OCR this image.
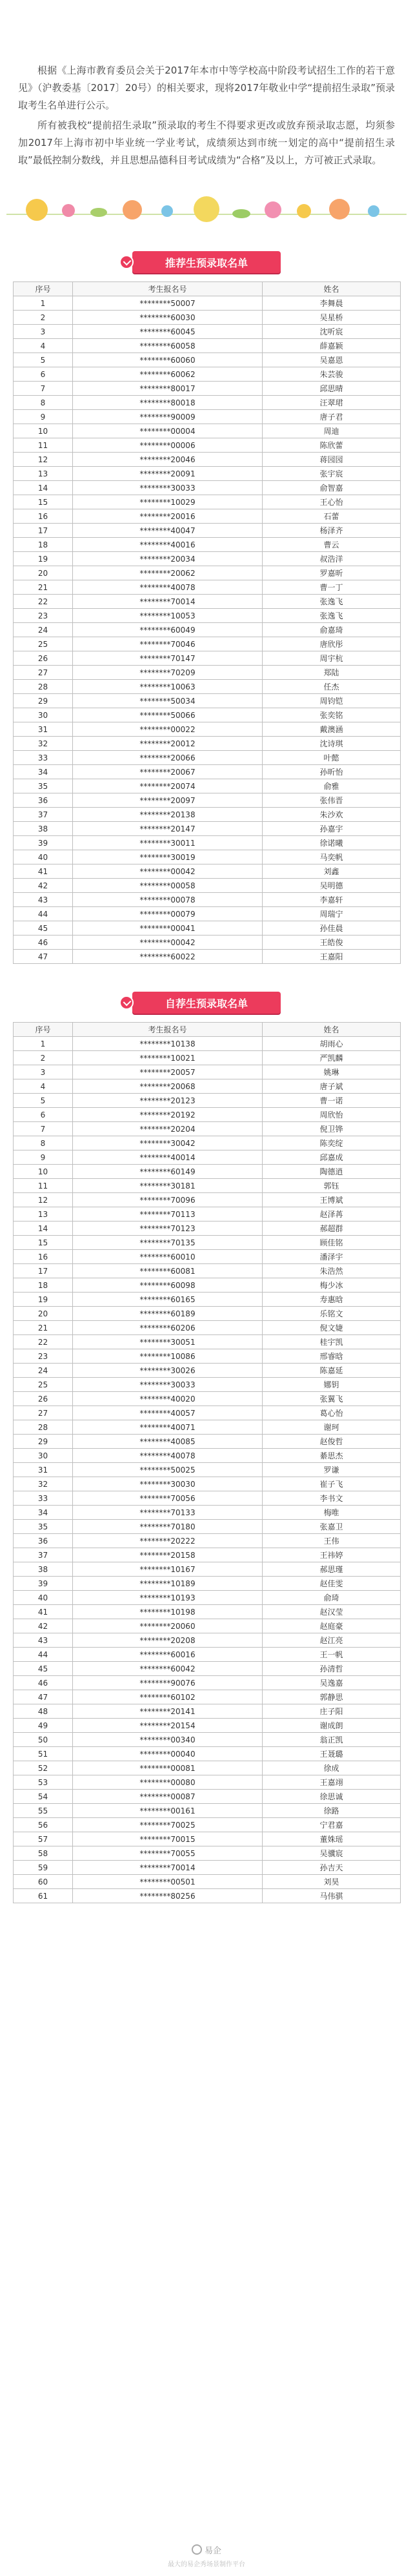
根据《上海市教育委员会关于2017年本市中等学校高中阶段考试招生工作的若干意见》（沪教委基〔2017〕20号）的相关要求，现将2017年敬业中学“提前招生录取”预录取考生名单进行公示。

所有被我校“提前招生录取”预录取的考生不得要求更改或放弃预录取志愿，均须参加2017年上海市初中毕业统一学业考试，成绩须达到市统一划定的高中“提前招生录取”最低控制分数线，并且思想品德科目考试成绩为“合格”及以上，方可被正式录取。

推荐生预录取名单
序号	考生报名号	姓名
1	********50007	李舞晨
2	********60030	吴星桥
3	********60045	沈听宸
4	********60058	薛嘉颖
5	********60060	吴嘉恩
6	********60062	朱芸骏
7	********80017	邱思晴
8	********80018	汪翠珺
9	********90009	唐子君
10	********00004	周迪
11	********00006	陈欣蕾
12	********20046	蒋园园
13	********20091	张宇宸
14	********30033	俞智嘉
15	********10029	王心怡
16	********20016	石蕾
17	********40047	杨泽齐
18	********40016	曹云
19	********20034	叔浩洋
20	********20062	罗嘉昕
21	********40078	曹一丁
22	********70014	张逸飞
23	********10053	张逸飞
24	********60049	俞嘉琦
25	********70046	唐欣彤
26	********70147	周宇杭
27	********70209	郑陆
28	********10063	任杰
29	********50034	周钧铠
30	********50066	张奕铭
31	********00022	戴澳涵
32	********20012	沈诗琪
33	********20066	叶懿
34	********20067	孙昕怡
35	********20074	俞雅
36	********20097	张伟晋
37	********20138	朱沙欢
38	********20147	孙嘉宇
39	********30011	徐诺曦
40	********30019	马奕帆
41	********00042	刘鑫
42	********00058	吴明德
43	********00078	李嘉轩
44	********00079	周瑞宁
45	********00041	孙佳晨
46	********00042	王皓俊
47	********60022	王嘉阳
自荐生预录取名单
序号	考生报名号	姓名
1	********10138	胡雨心
2	********10021	严凯麟
3	********20057	姚琳
4	********20068	唐子斌
5	********20123	曹一诺
6	********20192	周欣怡
7	********20204	倪卫铧
8	********30042	陈奕绽
9	********40014	邱嘉成
10	********60149	陶德逍
11	********30181	郭钰
12	********70096	王博斌
13	********70113	赵泽苒
14	********70123	郝超群
15	********70135	顾佳铭
16	********60010	潘泽宇
17	********60081	朱浩然
18	********60098	梅少冰
19	********60165	寿惠晗
20	********60189	乐铭文
21	********60206	倪文婕
22	********30051	桂宇凯
23	********10086	邢睿晗
24	********30026	陈嘉延
25	********30033	娜钥
26	********40020	张翼飞
27	********40057	葛心怡
28	********40071	谢珂
29	********40085	赵俊哲
30	********40078	綦思杰
31	********50025	罗谦
32	********30030	崔子飞
33	********70056	李书文
34	********70133	梅唯
35	********70180	张嘉卫
36	********20222	王伟
37	********20158	王祎婷
38	********10167	郝思瑾
39	********10189	赵佳雯
40	********10193	俞琦
41	********10198	赵汉莹
42	********20060	赵庭豪
43	********20208	赵江亮
44	********60016	王一帆
45	********60042	孙清哲
46	********90076	吴逸嘉
47	********60102	郭静思
48	********20141	庄子阳
49	********20154	谢成朗
50	********00340	翁正凯
51	********00040	王聂璐
52	********00081	徐成
53	********00080	王嘉翊
54	********00087	徐思诚
55	********00161	徐路
56	********70025	宁君嘉
57	********70015	董姝瑶
58	********70055	吴骥宸
59	********70014	孙吉天
60	********00501	刘昊
61	********80256	马伟骐
易企
最大的易企秀场景制作平台
